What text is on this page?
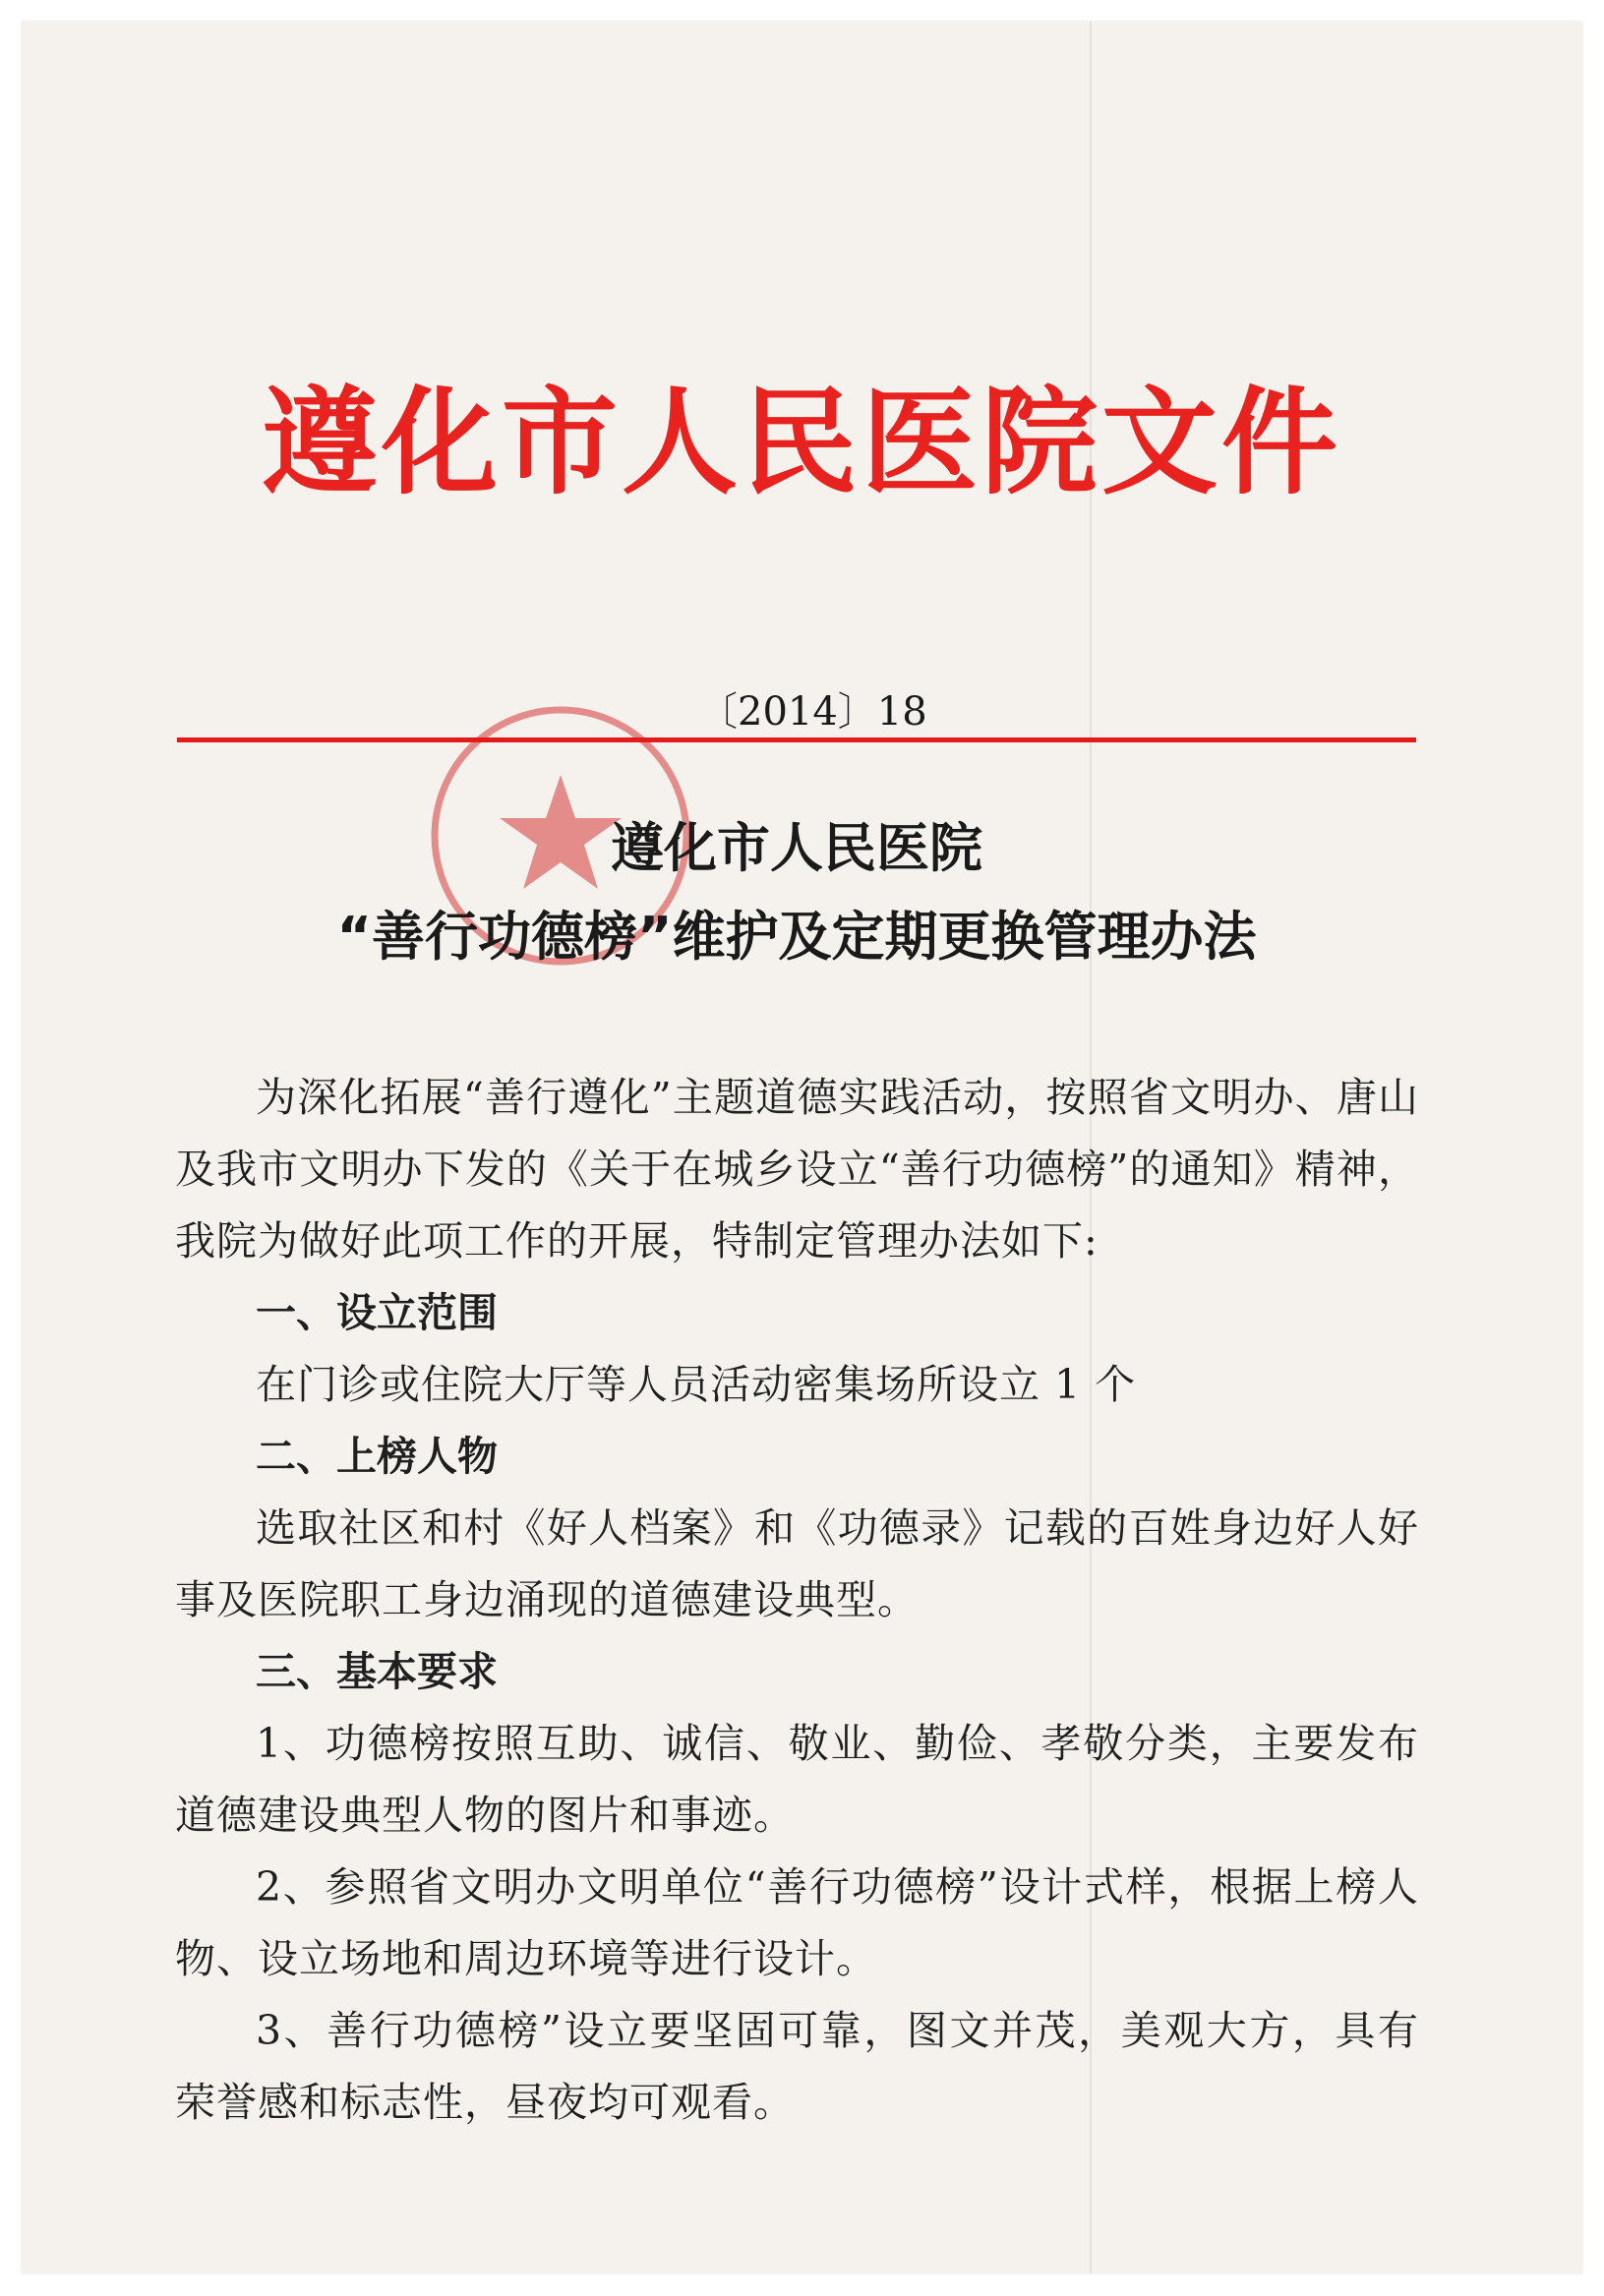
遵化市人民医院文件
〔2014〕18
遵化市人民医院
“善行功德榜”维护及定期更换管理办法

为深化拓展“善行遵化”主题道德实践活动，按照省文明办、唐山及我市文明办下发的《关于在城乡设立“善行功德榜”的通知》精神，我院为做好此项工作的开展，特制定管理办法如下:

一、设立范围

在门诊或住院大厅等人员活动密集场所设立 1 个

二、上榜人物

选取社区和村《好人档案》和《功德录》记载的百姓身边好人好事及医院职工身边涌现的道德建设典型。

三、基本要求

1、功德榜按照互助、诚信、敬业、勤俭、孝敬分类，主要发布道德建设典型人物的图片和事迹。

2、参照省文明办文明单位“善行功德榜”设计式样，根据上榜人物、设立场地和周边环境等进行设计。

3、善行功德榜”设立要坚固可靠，图文并茂，美观大方，具有荣誉感和标志性，昼夜均可观看。
